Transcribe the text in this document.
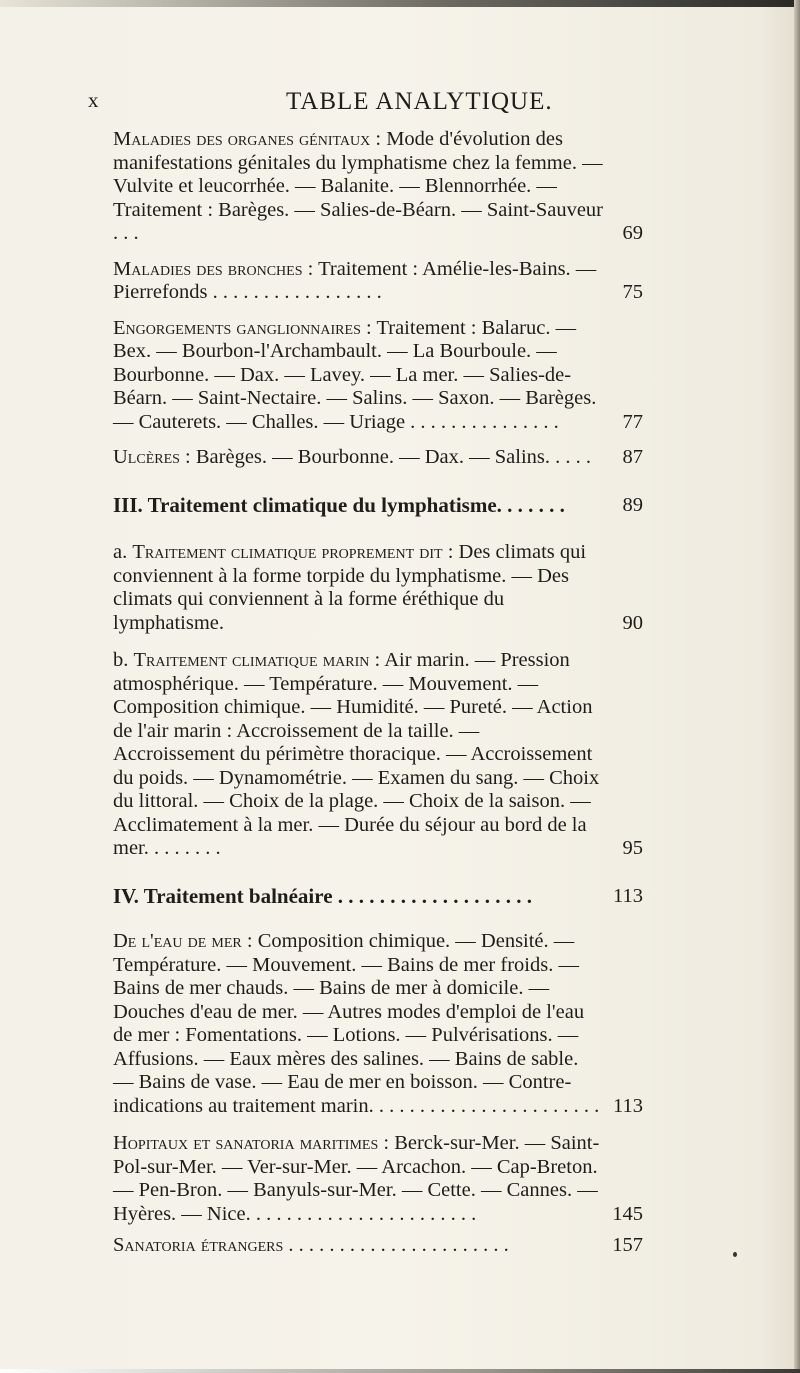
x	TABLE ANALYTIQUE.
Maladies des organes génitaux : Mode d'évolution des manifestations génitales du lymphatisme chez la femme. — Vulvite et leucorrhée. — Balanite. — Blennorrhée. — Traitement : Barèges. — Salies-de-Béarn. — Saint-Sauveur . . .	69
Maladies des bronches : Traitement : Amélie-les-Bains. — Pierrefonds . . . . . . . . . . . . . . . . .	75
Engorgements ganglionnaires : Traitement : Balaruc. — Bex. — Bourbon-l'Archambault. — La Bourboule. — Bourbonne. — Dax. — Lavey. — La mer. — Salies-de-Béarn. — Saint-Nectaire. — Salins. — Saxon. — Barèges. — Cauterets. — Challes. — Uriage . . . . . . . . . . . . . . .	77
Ulcères : Barèges. — Bourbonne. — Dax. — Salins. . . . .	87
III. Traitement climatique du lymphatisme. . . . . . .	89
a. Traitement climatique proprement dit : Des climats qui conviennent à la forme torpide du lymphatisme. — Des climats qui conviennent à la forme éréthique du lymphatisme.	90
b. Traitement climatique marin : Air marin. — Pression atmosphérique. — Température. — Mouvement. — Composition chimique. — Humidité. — Pureté. — Action de l'air marin : Accroissement de la taille. — Accroissement du périmètre thoracique. — Accroissement du poids. — Dynamométrie. — Examen du sang. — Choix du littoral. — Choix de la plage. — Choix de la saison. — Acclimatement à la mer. — Durée du séjour au bord de la mer. . . . . . . .	95
IV. Traitement balnéaire . . . . . . . . . . . . . . . . . . .	113
De l'eau de mer : Composition chimique. — Densité. — Température. — Mouvement. — Bains de mer froids. — Bains de mer chauds. — Bains de mer à domicile. — Douches d'eau de mer. — Autres modes d'emploi de l'eau de mer : Fomentations. — Lotions. — Pulvérisations. — Affusions. — Eaux mères des salines. — Bains de sable. — Bains de vase. — Eau de mer en boisson. — Contre-indications au traitement marin. . . . . . . . . . . . . . . . . . . . . . . 113
Hopitaux et sanatoria maritimes : Berck-sur-Mer. — Saint-Pol-sur-Mer. — Ver-sur-Mer. — Arcachon. — Cap-Breton. — Pen-Bron. — Banyuls-sur-Mer. — Cette. — Cannes. — Hyères. — Nice. . . . . . . . . . . . . . . . . . . . . . .	145
Sanatoria étrangers . . . . . . . . . . . . . . . . . . . . . .	157
